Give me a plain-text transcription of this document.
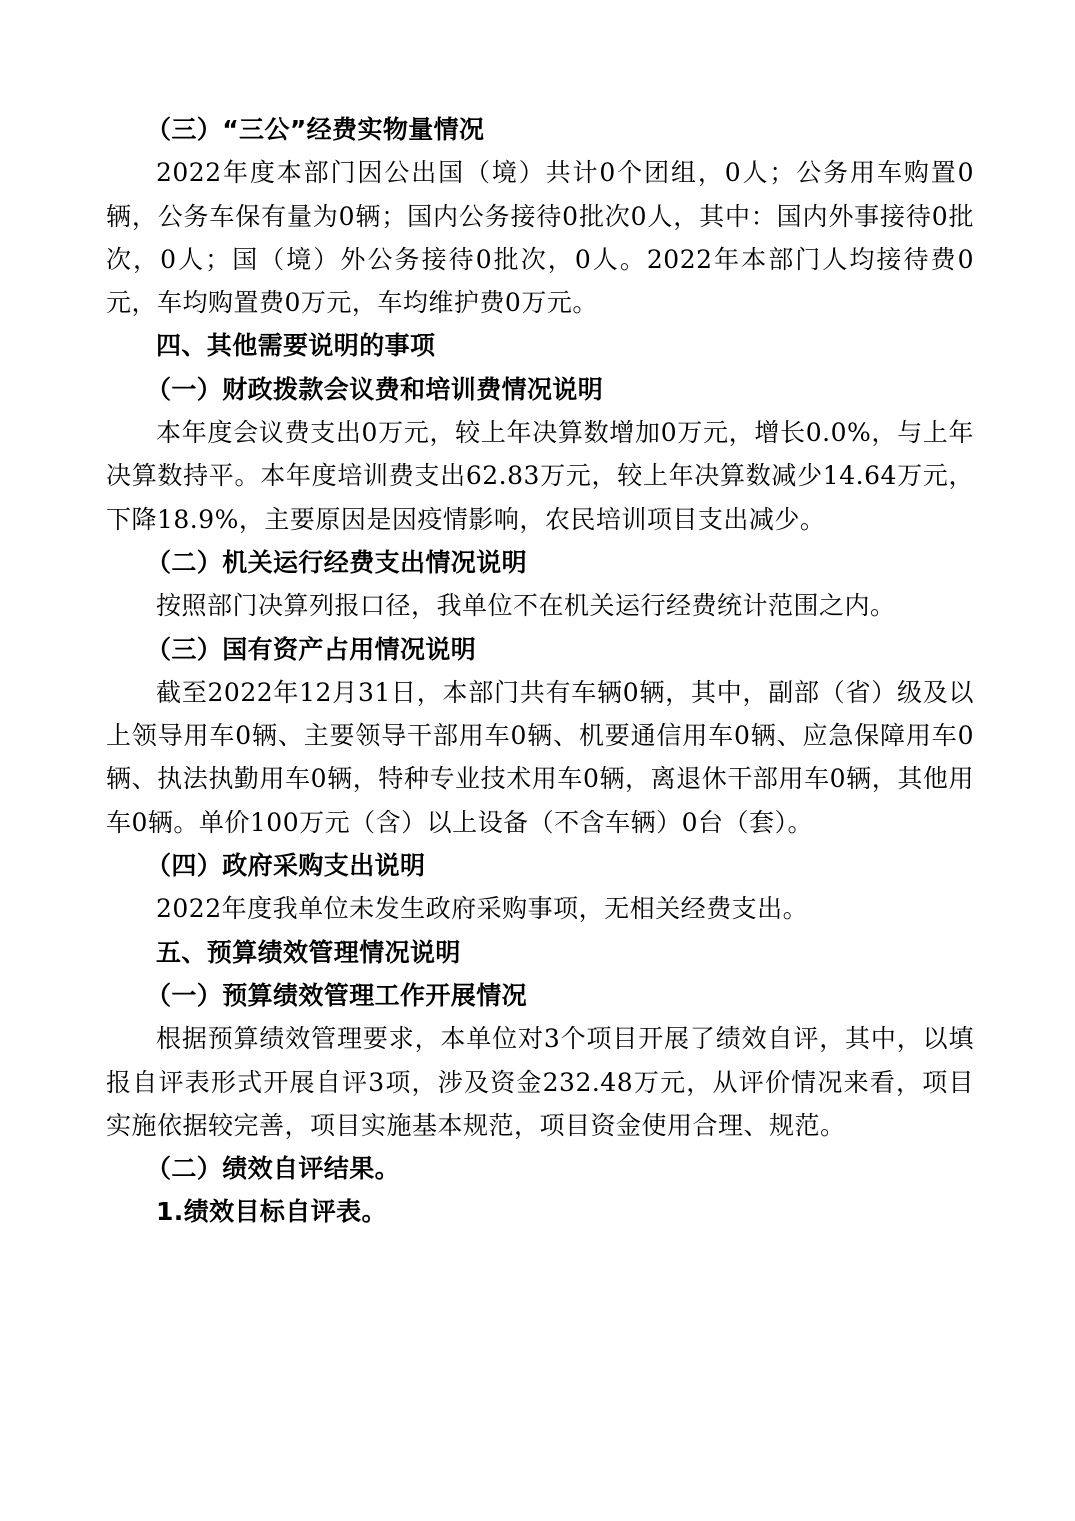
（三）“三公”经费实物量情况

2022年度本部门因公出国（境）共计0个团组，0人；公务用车购置0辆，公务车保有量为0辆；国内公务接待0批次0人，其中：国内外事接待0批次，0人；国（境）外公务接待0批次，0人。2022年本部门人均接待费0元，车均购置费0万元，车均维护费0万元。

四、其他需要说明的事项

（一）财政拨款会议费和培训费情况说明

本年度会议费支出0万元，较上年决算数增加0万元，增长0.0%，与上年决算数持平。本年度培训费支出62.83万元，较上年决算数减少14.64万元，下降18.9%，主要原因是因疫情影响，农民培训项目支出减少。

（二）机关运行经费支出情况说明

按照部门决算列报口径，我单位不在机关运行经费统计范围之内。

（三）国有资产占用情况说明

截至2022年12月31日，本部门共有车辆0辆，其中，副部（省）级及以上领导用车0辆、主要领导干部用车0辆、机要通信用车0辆、应急保障用车0辆、执法执勤用车0辆，特种专业技术用车0辆，离退休干部用车0辆，其他用车0辆。单价100万元（含）以上设备（不含车辆）0台（套）。

（四）政府采购支出说明

2022年度我单位未发生政府采购事项，无相关经费支出。

五、预算绩效管理情况说明

（一）预算绩效管理工作开展情况

根据预算绩效管理要求，本单位对3个项目开展了绩效自评，其中，以填报自评表形式开展自评3项，涉及资金232.48万元，从评价情况来看，项目实施依据较完善，项目实施基本规范，项目资金使用合理、规范。

（二）绩效自评结果。

1.绩效目标自评表。
